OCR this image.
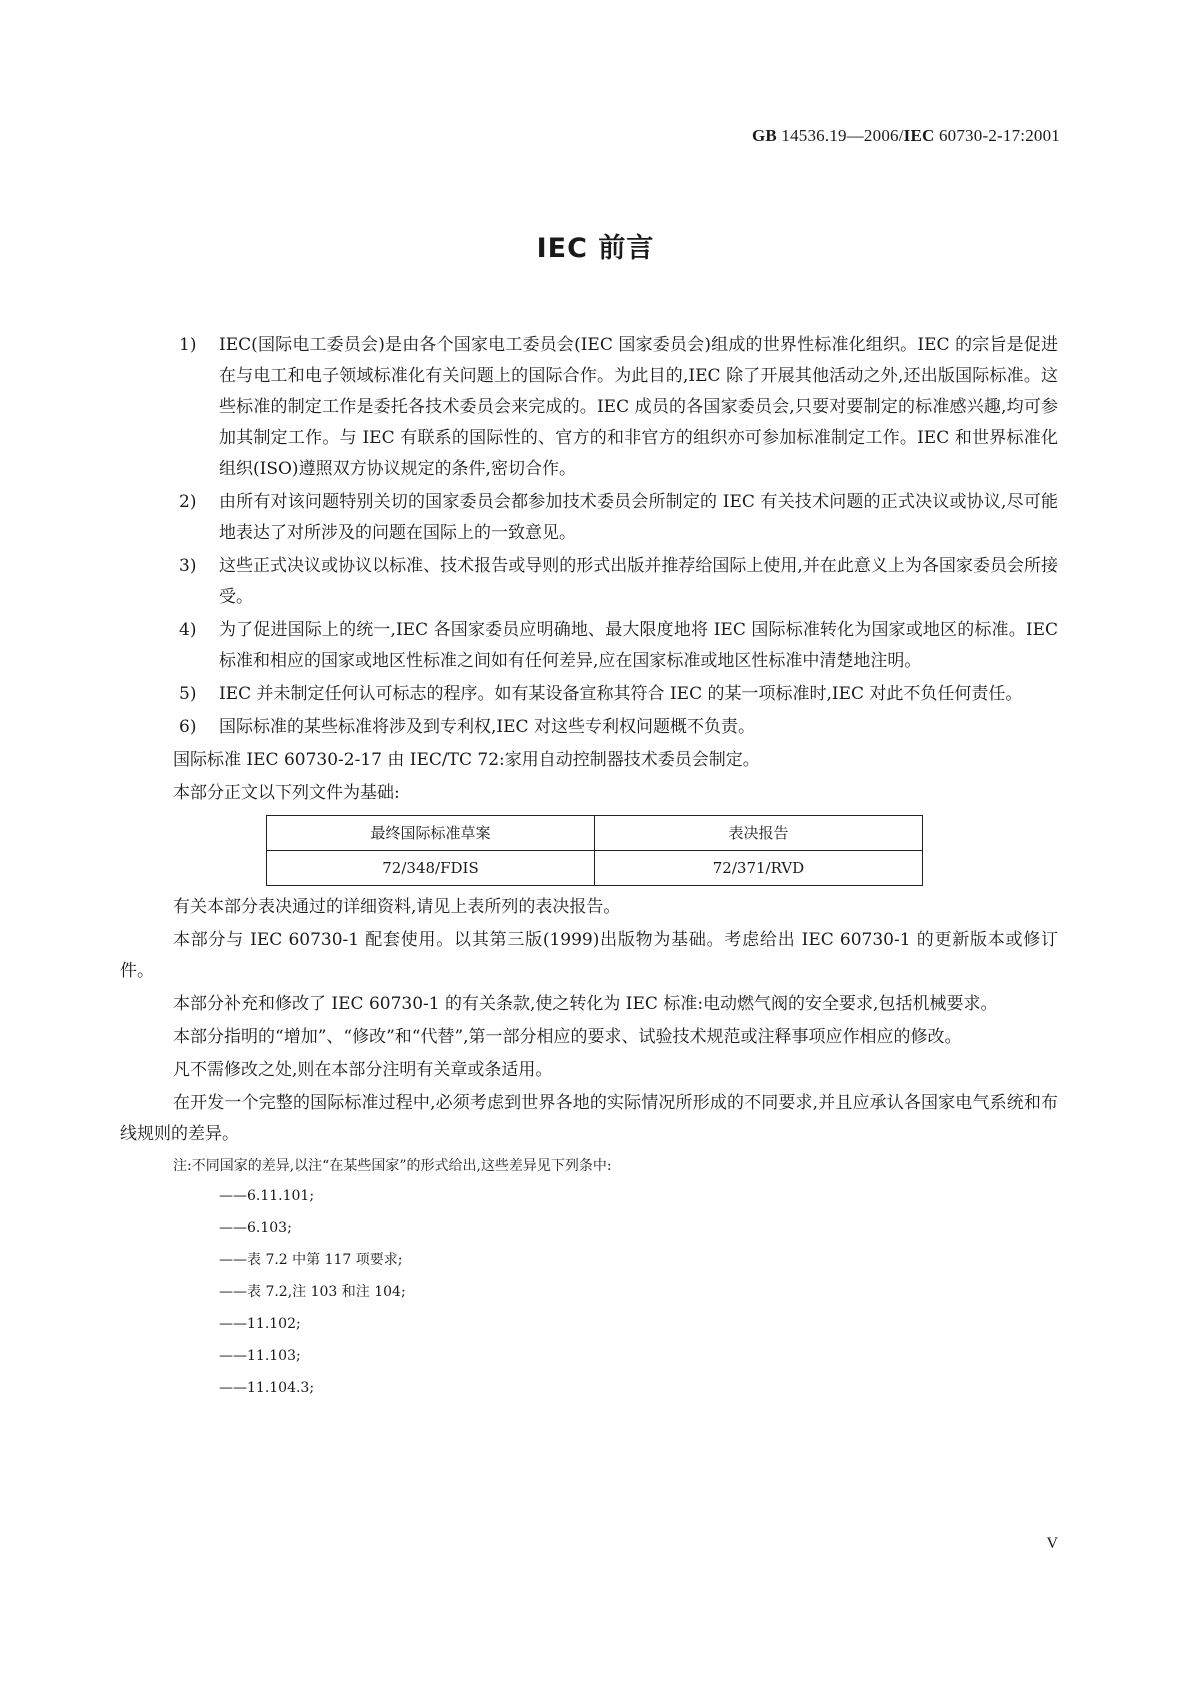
GB 14536.19—2006/IEC 60730-2-17:2001
IEC 前言
1)	IEC(国际电工委员会)是由各个国家电工委员会(IEC 国家委员会)组成的世界性标准化组织。IEC 的宗旨是促进在与电工和电子领域标准化有关问题上的国际合作。为此目的,IEC 除了开展其他活动之外,还出版国际标准。这些标准的制定工作是委托各技术委员会来完成的。IEC 成员的各国家委员会,只要对要制定的标准感兴趣,均可参加其制定工作。与 IEC 有联系的国际性的、官方的和非官方的组织亦可参加标准制定工作。IEC 和世界标准化组织(ISO)遵照双方协议规定的条件,密切合作。
2)	由所有对该问题特别关切的国家委员会都参加技术委员会所制定的 IEC 有关技术问题的正式决议或协议,尽可能地表达了对所涉及的问题在国际上的一致意见。
3)	这些正式决议或协议以标准、技术报告或导则的形式出版并推荐给国际上使用,并在此意义上为各国家委员会所接受。
4)	为了促进国际上的统一,IEC 各国家委员应明确地、最大限度地将 IEC 国际标准转化为国家或地区的标准。IEC 标准和相应的国家或地区性标准之间如有任何差异,应在国家标准或地区性标准中清楚地注明。
5)	IEC 并未制定任何认可标志的程序。如有某设备宣称其符合 IEC 的某一项标准时,IEC 对此不负任何责任。
6)	国际标准的某些标准将涉及到专利权,IEC 对这些专利权问题概不负责。
国际标准 IEC 60730-2-17 由 IEC/TC 72:家用自动控制器技术委员会制定。
本部分正文以下列文件为基础:
最终国际标准草案	表决报告
72/348/FDIS	72/371/RVD
有关本部分表决通过的详细资料,请见上表所列的表决报告。
本部分与 IEC 60730-1 配套使用。以其第三版(1999)出版物为基础。考虑给出 IEC 60730-1 的更新版本或修订件。
本部分补充和修改了 IEC 60730-1 的有关条款,使之转化为 IEC 标准:电动燃气阀的安全要求,包括机械要求。
本部分指明的“增加”、“修改”和“代替”,第一部分相应的要求、试验技术规范或注释事项应作相应的修改。
凡不需修改之处,则在本部分注明有关章或条适用。
在开发一个完整的国际标准过程中,必须考虑到世界各地的实际情况所形成的不同要求,并且应承认各国家电气系统和布线规则的差异。
注:不同国家的差异,以注“在某些国家”的形式给出,这些差异见下列条中:
——6.11.101;
——6.103;
——表 7.2 中第 117 项要求;
——表 7.2,注 103 和注 104;
——11.102;
——11.103;
——11.104.3;
V
